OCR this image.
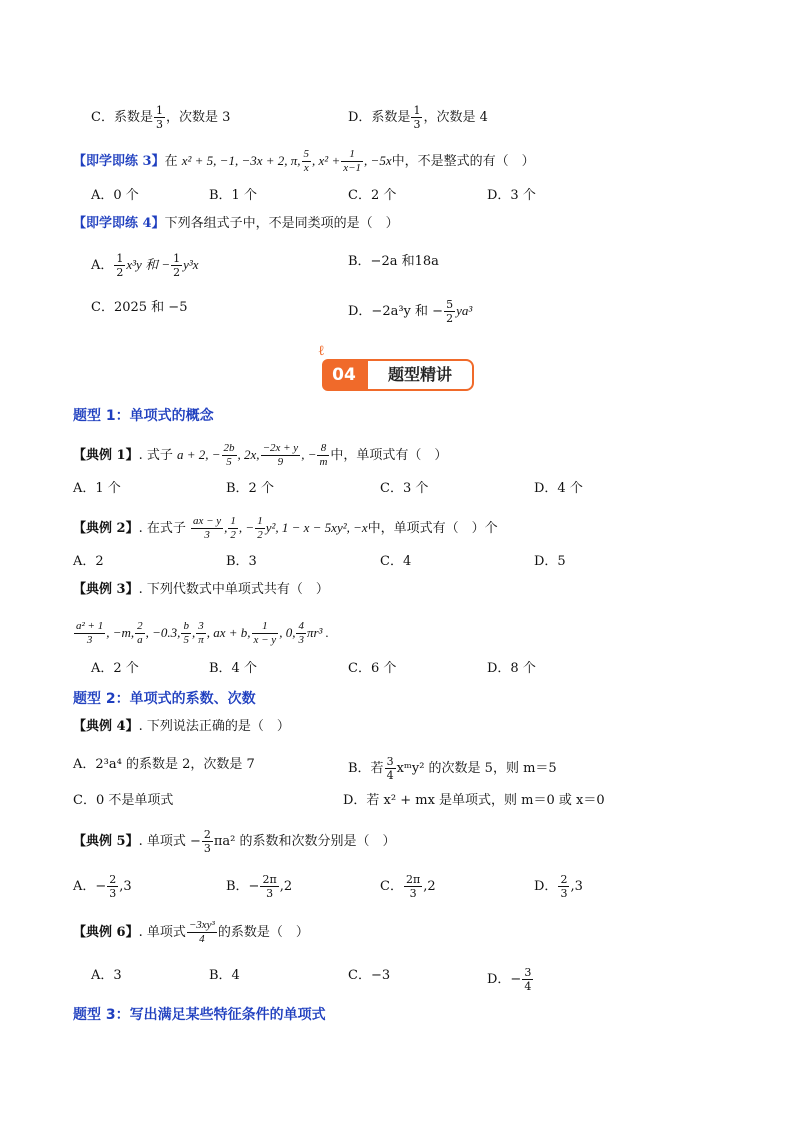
C．系数是 $\frac{1}{3}$ ，次数是 3	D．系数是 $\frac{1}{3}$ ，次数是 4
【即学即练 3】在 x² + 5, −1, −3x + 2, π, $\frac{5}{x}$ , $x^2 + \frac{1}{x-1}$ , −5x中，不是整式的有（　）
A．0 个	B．1 个	C．2 个	D．3 个
【即学即练 4】下列各组式子中，不是同类项的是（　）
A． $\frac{1}{2} x^3y$ 和 − $\frac{1}{2} y^3x$	B．−2a 和18a
C．2025 和 −5	D．−2a³y 和 − $\frac{5}{2} ya^3$
ℓ
04	题型精讲
题型 1：单项式的概念
【典例 1】. 式子 a + 2, − $\frac{2b}{5}$ , 2x, $\frac{-2x + y}{9}$ , − $\frac{8}{m}$ 中，单项式有（　）
A．1 个	B．2 个	C．3 个	D．4 个
【典例 2】. 在式子 $\frac{ax - y}{3}$ , $\frac{1}{2}$ , − $\frac{1}{2} y^2$, 1 − x − 5xy², −x中，单项式有（　）个
A．2	B．3	C．4	D．5
【典例 3】. 下列代数式中单项式共有（　）
$\frac{\text{a² + 1}}{3}$ , −m, $\frac{2}{a}$ , −0.3, $\frac{b}{5}$ , $\frac{3}{\pi}$ , ax + b, $\frac{1}{x - y}$ , 0, $\frac{4}{3} \pi r^3$ .
A．2 个	B．4 个	C．6 个	D．8 个
题型 2：单项式的系数、次数
【典例 4】. 下列说法正确的是（　）
A．2³a⁴ 的系数是 2，次数是 7	B．若 $\frac{3}{4}$ xᵐy² 的次数是 5，则 m＝5
C．0 不是单项式	D．若 x² + mx 是单项式，则 m＝0 或 x＝0
【典例 5】. 单项式 − $\frac{2}{3} \pi a^2$ 的系数和次数分别是（　）
A．− $\frac{2}{3} ,3$	B．− $\frac{2\pi}{3} ,2$	C． $\frac{2\pi}{3} ,2$	D． $\frac{2}{3} ,3$
【典例 6】. 单项式 $\frac{\text{−3xy³}}{4}$ 的系数是（　）
A．3	B．4	C．−3	D．− $\frac{3}{4}$
题型 3：写出满足某些特征条件的单项式
